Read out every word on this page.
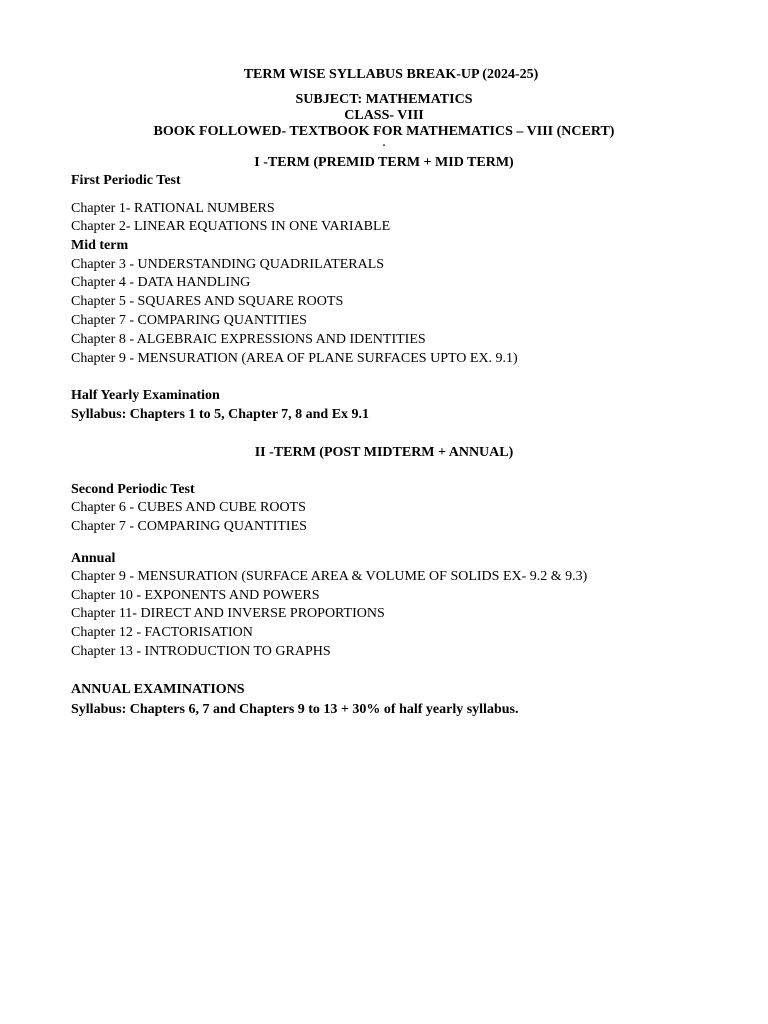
TERM WISE SYLLABUS BREAK-UP (2024-25)
SUBJECT: MATHEMATICS
CLASS- VIII
BOOK FOLLOWED- TEXTBOOK FOR MATHEMATICS – VIII (NCERT)
.
I -TERM (PREMID TERM + MID TERM)
First Periodic Test
Chapter 1- RATIONAL NUMBERS
Chapter 2- LINEAR EQUATIONS IN ONE VARIABLE
Mid term
Chapter 3 - UNDERSTANDING QUADRILATERALS
Chapter 4 - DATA HANDLING
Chapter 5 - SQUARES AND SQUARE ROOTS
Chapter 7 - COMPARING QUANTITIES
Chapter 8 - ALGEBRAIC EXPRESSIONS AND IDENTITIES
Chapter 9 - MENSURATION (AREA OF PLANE SURFACES UPTO EX. 9.1)
Half Yearly Examination
Syllabus: Chapters 1 to 5, Chapter 7, 8 and Ex 9.1
II -TERM (POST MIDTERM + ANNUAL)
Second Periodic Test
Chapter 6 - CUBES AND CUBE ROOTS
Chapter 7 - COMPARING QUANTITIES
Annual
Chapter 9 - MENSURATION (SURFACE AREA & VOLUME OF SOLIDS EX- 9.2 & 9.3)
Chapter 10 - EXPONENTS AND POWERS
Chapter 11- DIRECT AND INVERSE PROPORTIONS
Chapter 12 - FACTORISATION
Chapter 13 - INTRODUCTION TO GRAPHS
ANNUAL EXAMINATIONS
Syllabus: Chapters 6, 7 and Chapters 9 to 13 + 30% of half yearly syllabus.
